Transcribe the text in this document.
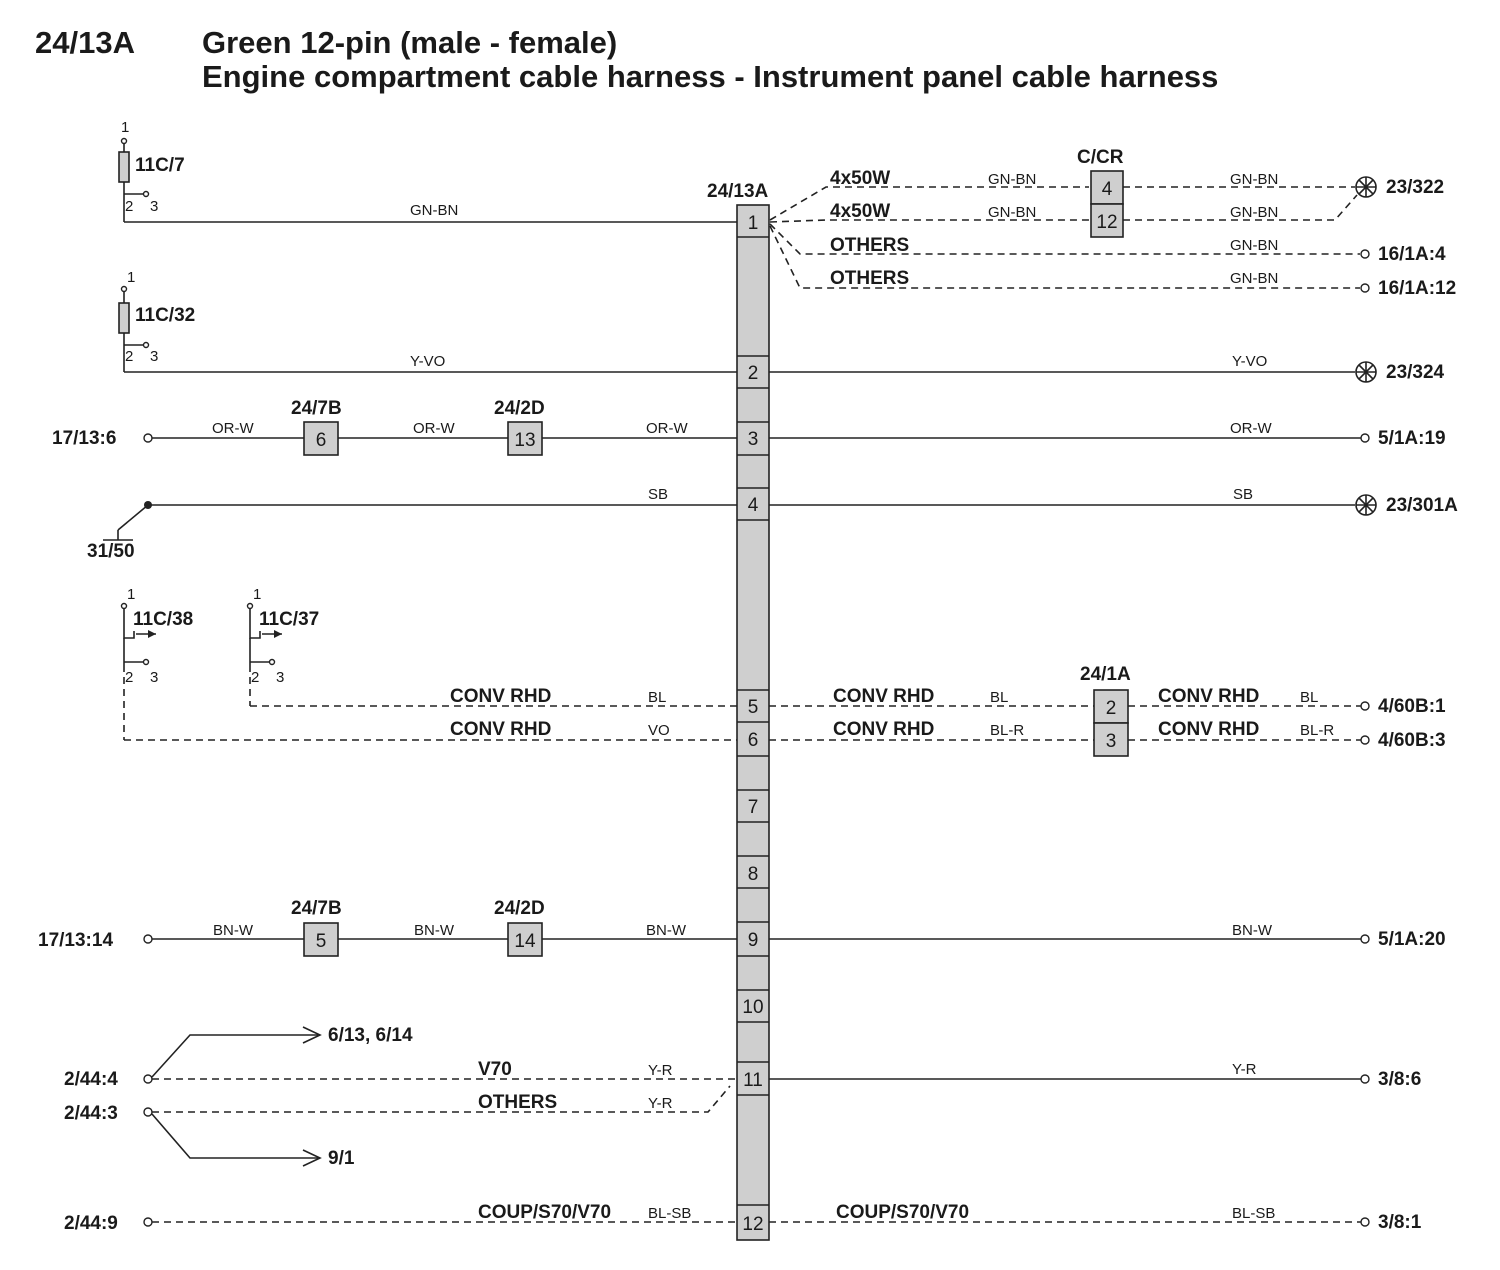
24/13A	Green 12-pin (male - female)
Engine compartment cable harness - Instrument panel cable harness
24/13A
1
2
3
4
5
6
7
8
9
10
11
12
1
2 3
11C/7
GN-BN
4x50W
4x50W
OTHERS
OTHERS
GN-BN
GN-BN
C/CR
4
12
GN-BN
GN-BN
GN-BN
GN-BN
23/322
16/1A:4
16/1A:12
1
2 3
11C/32
Y-VO	Y-VO
23/324
17/13:6	OR-W
24/7B
6
OR-W
24/2D
13
OR-W	OR-W	5/1A:19
31/50
SB	SB
23/301A
1
2 3
11C/38
1
2 3
11C/37
CONV RHD	BL
CONV RHD	VO
CONV RHD	BL
CONV RHD	BL-R
24/1A
2
3
CONV RHD	BL
CONV RHD	BL-R
4/60B:1
4/60B:3
17/13:14	BN-W
24/7B
5
BN-W
24/2D
14
BN-W	BN-W	5/1A:20
2/44:4
6/13, 6/14
V70	Y-R
2/44:3
9/1
OTHERS	Y-R
Y-R	3/8:6
2/44:9
COUP/S70/V70 BL-SB	COUP/S70/V70	BL-SB	3/8:1
